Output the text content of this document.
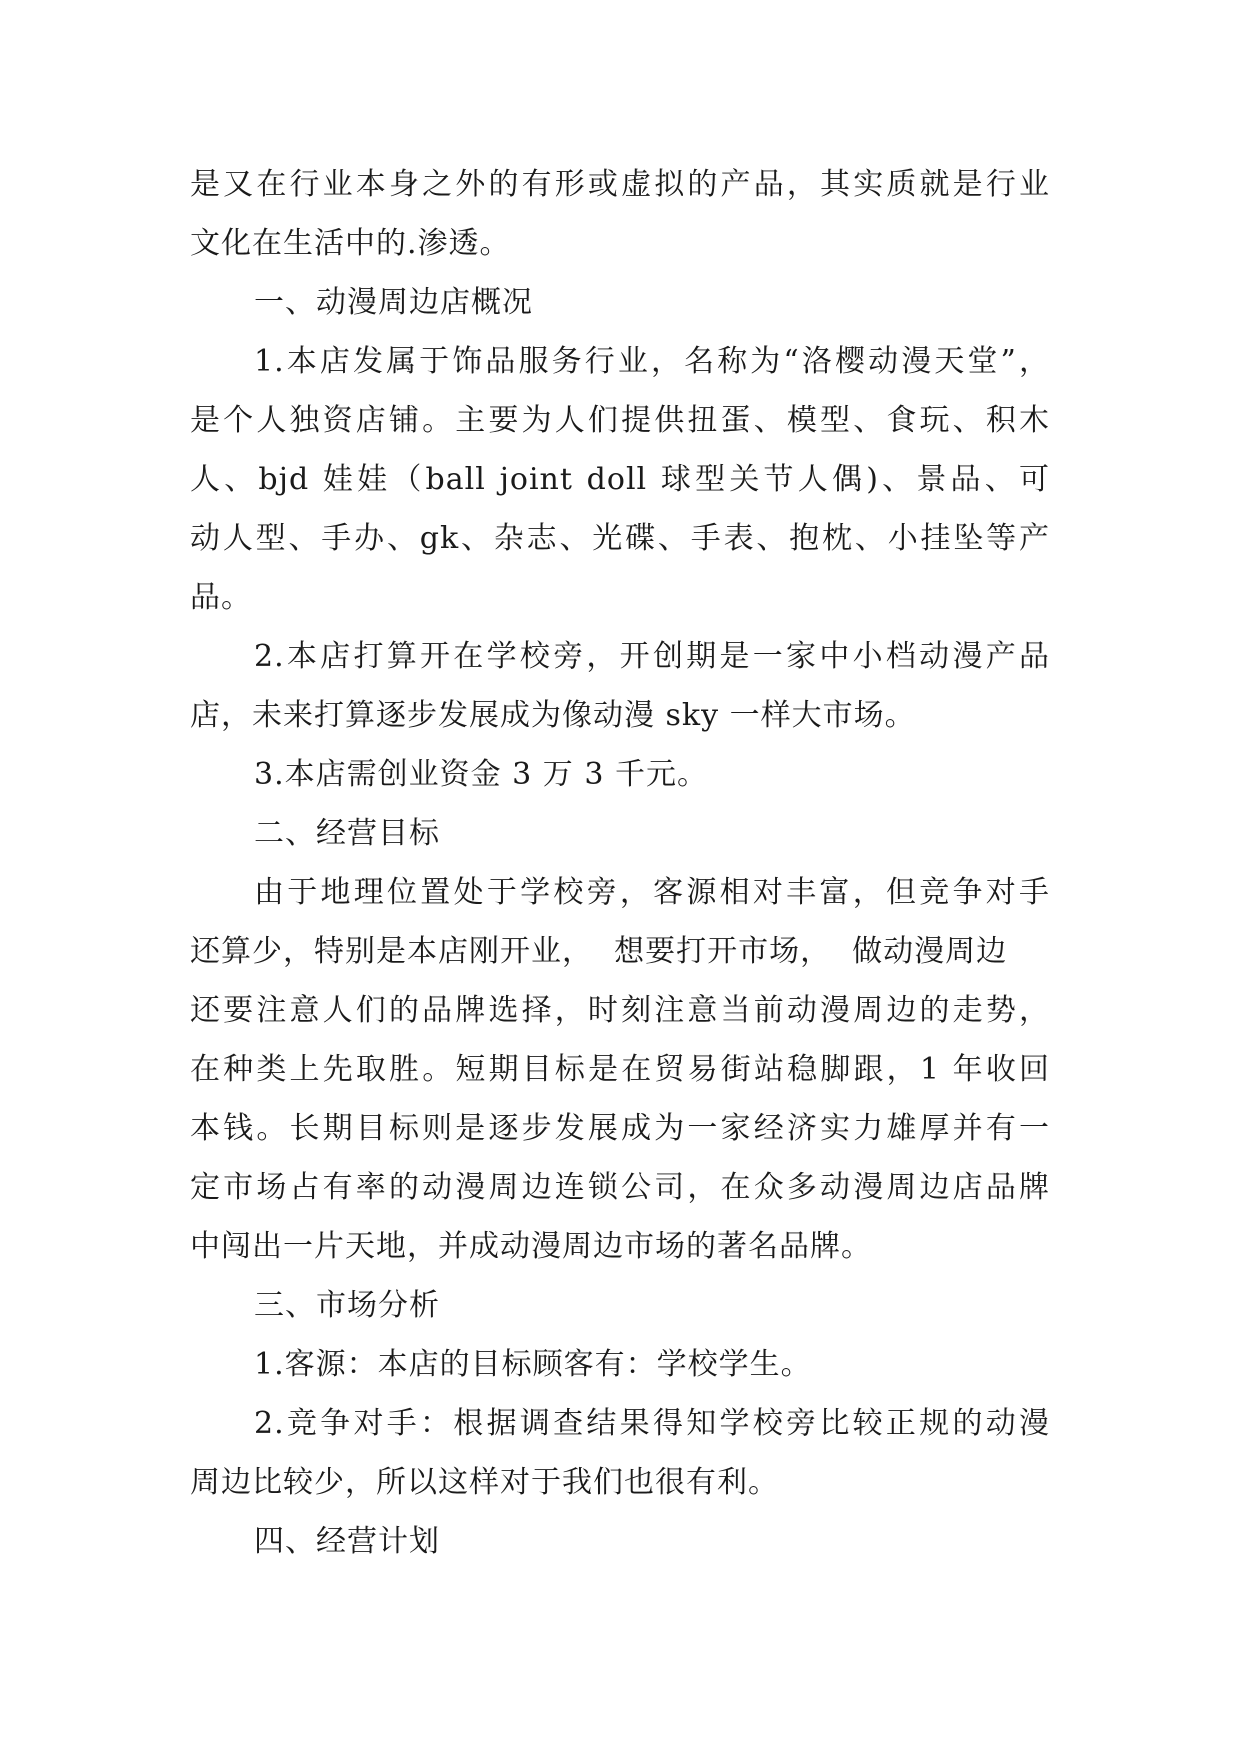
是又在行业本身之外的有形或虚拟的产品，其实质就是行业
文化在生活中的.渗透。
一、动漫周边店概况
1.本店发属于饰品服务行业，名称为“洛樱动漫天堂”，
是个人独资店铺。主要为人们提供扭蛋、模型、食玩、积木
人、bjd 娃娃（ball joint doll 球型关节人偶)、景品、可
动人型、手办、gk、杂志、光碟、手表、抱枕、小挂坠等产
品。
2.本店打算开在学校旁，开创期是一家中小档动漫产品
店，未来打算逐步发展成为像动漫 sky 一样大市场。
3.本店需创业资金 3 万 3 千元。
二、经营目标
由于地理位置处于学校旁，客源相对丰富，但竞争对手
还算少，特别是本店刚开业，  想要打开市场，  做动漫周边
还要注意人们的品牌选择，时刻注意当前动漫周边的走势，
在种类上先取胜。短期目标是在贸易街站稳脚跟，1 年收回
本钱。长期目标则是逐步发展成为一家经济实力雄厚并有一
定市场占有率的动漫周边连锁公司，在众多动漫周边店品牌
中闯出一片天地，并成动漫周边市场的著名品牌。
三、市场分析
1.客源：本店的目标顾客有：学校学生。
2.竞争对手：根据调查结果得知学校旁比较正规的动漫
周边比较少，所以这样对于我们也很有利。
四、经营计划
